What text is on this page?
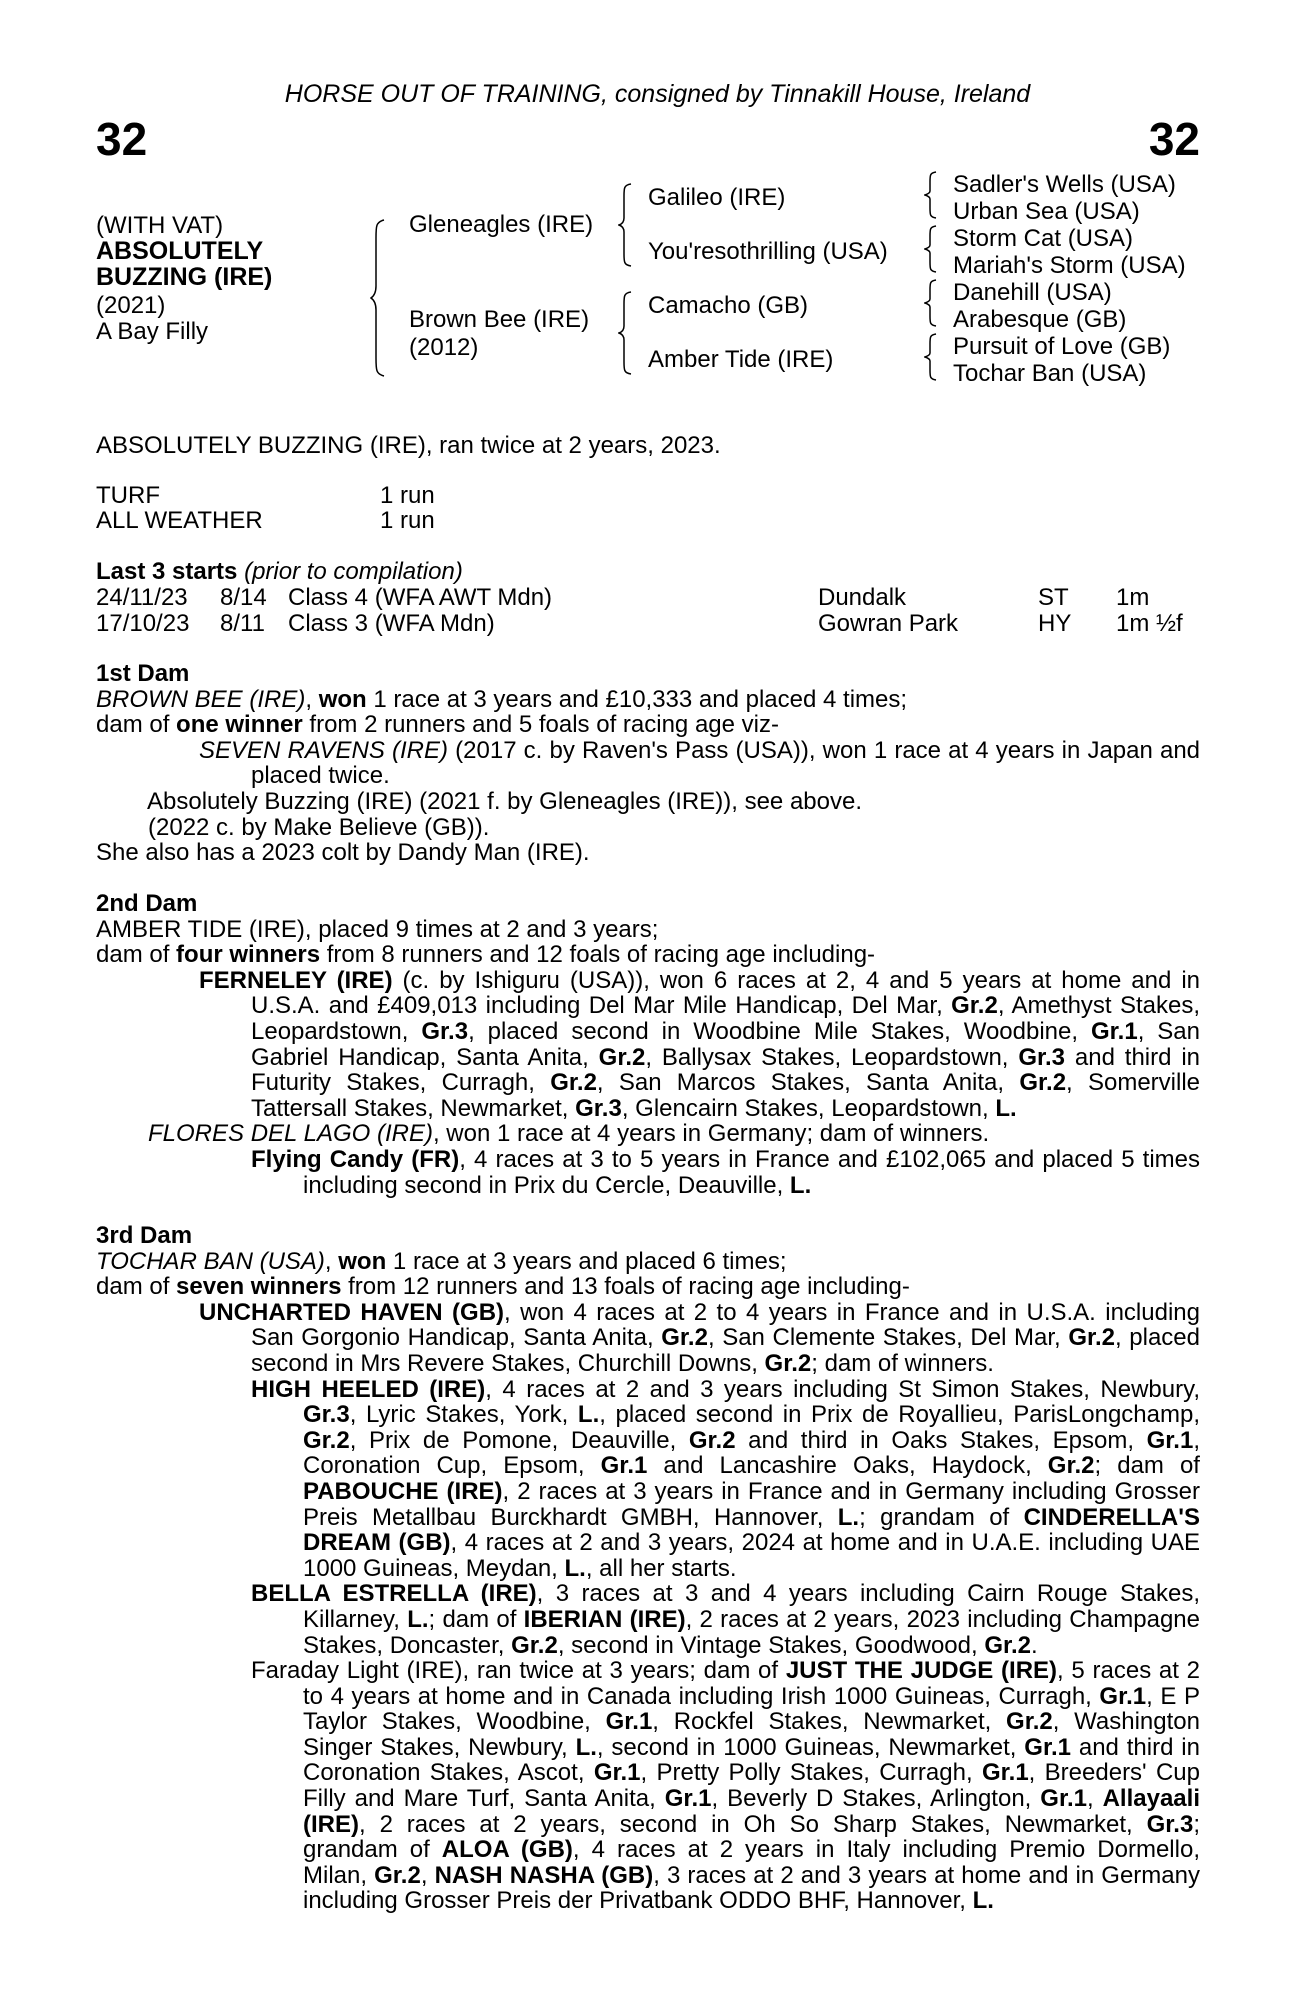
HORSE OUT OF TRAINING, consigned by Tinnakill House, Ireland
32	32
(WITH VAT)
ABSOLUTELY
BUZZING (IRE)
(2021)
A Bay Filly
Gleneagles (IRE)
Brown Bee (IRE)
(2012)
Galileo (IRE)
You'resothrilling (USA)
Camacho (GB)
Amber Tide (IRE)
Sadler's Wells (USA)
Urban Sea (USA)
Storm Cat (USA)
Mariah's Storm (USA)
Danehill (USA)
Arabesque (GB)
Pursuit of Love (GB)
Tochar Ban (USA)
ABSOLUTELY BUZZING (IRE), ran twice at 2 years, 2023.
TURF	1 run
ALL WEATHER	1 run
Last 3 starts (prior to compilation)
24/11/23 8/14 Class 4 (WFA AWT Mdn)	Dundalk	ST 1m
17/10/23 8/11 Class 3 (WFA Mdn)	Gowran Park	HY 1m ½f

1st Dam

BROWN BEE (IRE), won 1 race at 3 years and £10,333 and placed 4 times;

dam of one winner from 2 runners and 5 foals of racing age viz-

SEVEN RAVENS (IRE) (2017 c. by Raven's Pass (USA)), won 1 race at 4 years in Japan and placed twice.

Absolutely Buzzing (IRE) (2021 f. by Gleneagles (IRE)), see above.

(2022 c. by Make Believe (GB)).

She also has a 2023 colt by Dandy Man (IRE).

2nd Dam

AMBER TIDE (IRE), placed 9 times at 2 and 3 years;

dam of four winners from 8 runners and 12 foals of racing age including-

FERNELEY (IRE) (c. by Ishiguru (USA)), won 6 races at 2, 4 and 5 years at home and in U.S.A. and £409,013 including Del Mar Mile Handicap, Del Mar, Gr.2, Amethyst Stakes, Leopardstown, Gr.3, placed second in Woodbine Mile Stakes, Woodbine, Gr.1, San Gabriel Handicap, Santa Anita, Gr.2, Ballysax Stakes, Leopardstown, Gr.3 and third in Futurity Stakes, Curragh, Gr.2, San Marcos Stakes, Santa Anita, Gr.2, Somerville Tattersall Stakes, Newmarket, Gr.3, Glencairn Stakes, Leopardstown, L.

FLORES DEL LAGO (IRE), won 1 race at 4 years in Germany; dam of winners.

Flying Candy (FR), 4 races at 3 to 5 years in France and £102,065 and placed 5 times including second in Prix du Cercle, Deauville, L.

3rd Dam

TOCHAR BAN (USA), won 1 race at 3 years and placed 6 times;

dam of seven winners from 12 runners and 13 foals of racing age including-

UNCHARTED HAVEN (GB), won 4 races at 2 to 4 years in France and in U.S.A. including San Gorgonio Handicap, Santa Anita, Gr.2, San Clemente Stakes, Del Mar, Gr.2, placed second in Mrs Revere Stakes, Churchill Downs, Gr.2; dam of winners.

HIGH HEELED (IRE), 4 races at 2 and 3 years including St Simon Stakes, Newbury, Gr.3, Lyric Stakes, York, L., placed second in Prix de Royallieu, ParisLongchamp, Gr.2, Prix de Pomone, Deauville, Gr.2 and third in Oaks Stakes, Epsom, Gr.1, Coronation Cup, Epsom, Gr.1 and Lancashire Oaks, Haydock, Gr.2; dam of PABOUCHE (IRE), 2 races at 3 years in France and in Germany including Grosser Preis Metallbau Burckhardt GMBH, Hannover, L.; grandam of CINDERELLA'S DREAM (GB), 4 races at 2 and 3 years, 2024 at home and in U.A.E. including UAE 1000 Guineas, Meydan, L., all her starts.

BELLA ESTRELLA (IRE), 3 races at 3 and 4 years including Cairn Rouge Stakes, Killarney, L.; dam of IBERIAN (IRE), 2 races at 2 years, 2023 including Champagne Stakes, Doncaster, Gr.2, second in Vintage Stakes, Goodwood, Gr.2.

Faraday Light (IRE), ran twice at 3 years; dam of JUST THE JUDGE (IRE), 5 races at 2 to 4 years at home and in Canada including Irish 1000 Guineas, Curragh, Gr.1, E P Taylor Stakes, Woodbine, Gr.1, Rockfel Stakes, Newmarket, Gr.2, Washington Singer Stakes, Newbury, L., second in 1000 Guineas, Newmarket, Gr.1 and third in Coronation Stakes, Ascot, Gr.1, Pretty Polly Stakes, Curragh, Gr.1, Breeders' Cup Filly and Mare Turf, Santa Anita, Gr.1, Beverly D Stakes, Arlington, Gr.1, Allayaali (IRE), 2 races at 2 years, second in Oh So Sharp Stakes, Newmarket, Gr.3; grandam of ALOA (GB), 4 races at 2 years in Italy including Premio Dormello, Milan, Gr.2, NASH NASHA (GB), 3 races at 2 and 3 years at home and in Germany including Grosser Preis der Privatbank ODDO BHF, Hannover, L.
